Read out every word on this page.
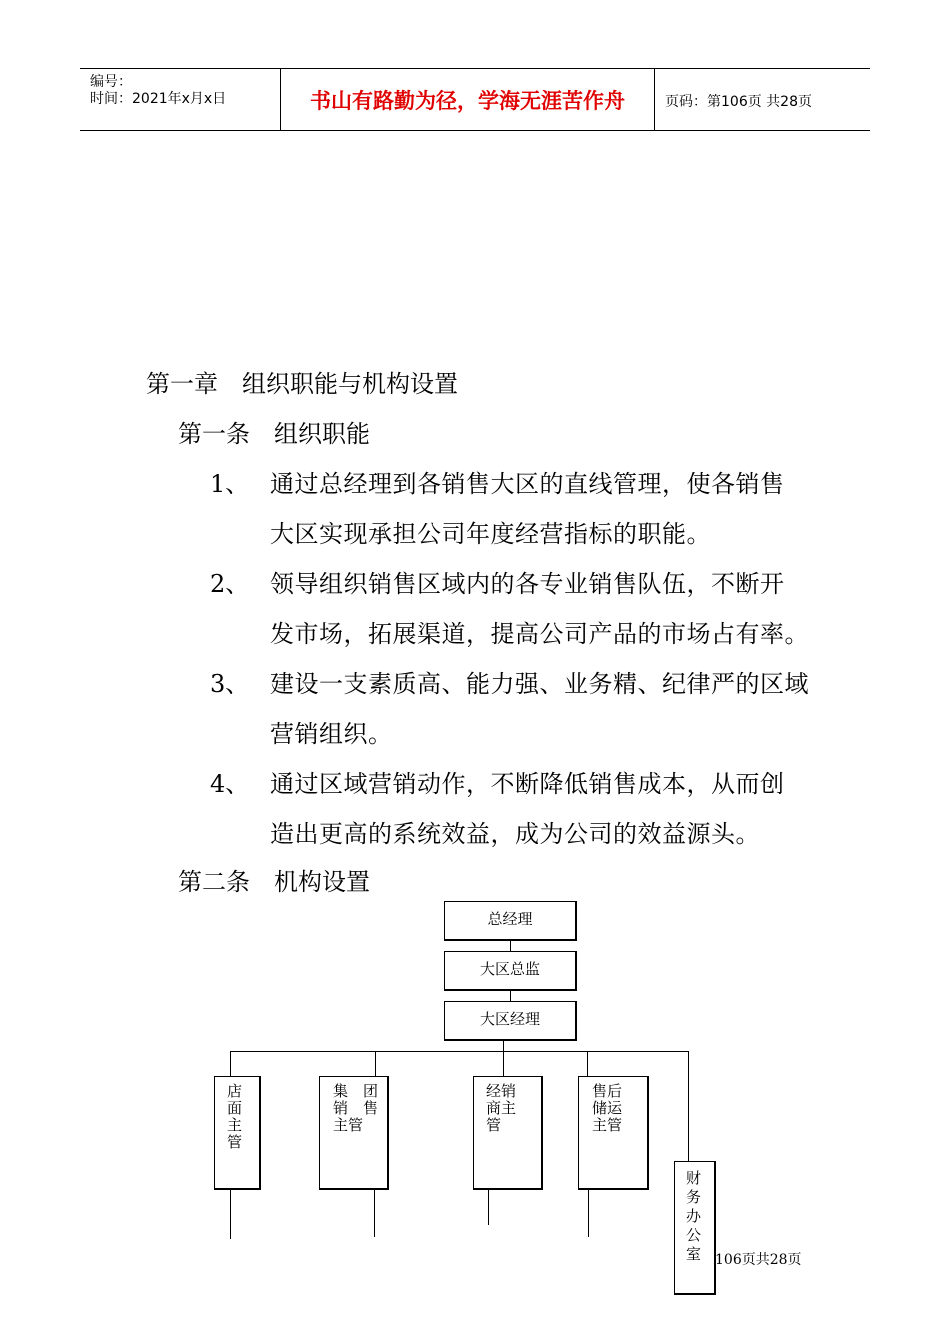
编号：
时间：2021年x月x日	书山有路勤为径，学海无涯苦作舟	页码：第106页 共28页
第一章　组织职能与机构设置
第一条　组织职能
1、 通过总经理到各销售大区的直线管理，使各销售
大区实现承担公司年度经营指标的职能。
2、 领导组织销售区域内的各专业销售队伍，不断开
发市场，拓展渠道，提高公司产品的市场占有率。
3、 建设一支素质高、能力强、业务精、纪律严的区域
营销组织。
4、 通过区域营销动作，不断降低销售成本，从而创
造出更高的系统效益，成为公司的效益源头。
第二条　机构设置
总经理
大区总监
大区经理
店
面
主
管
集　团
销　售
主管
经销
商主
管
售后
储运
主管
财
务
办
公
室 106页共28页
